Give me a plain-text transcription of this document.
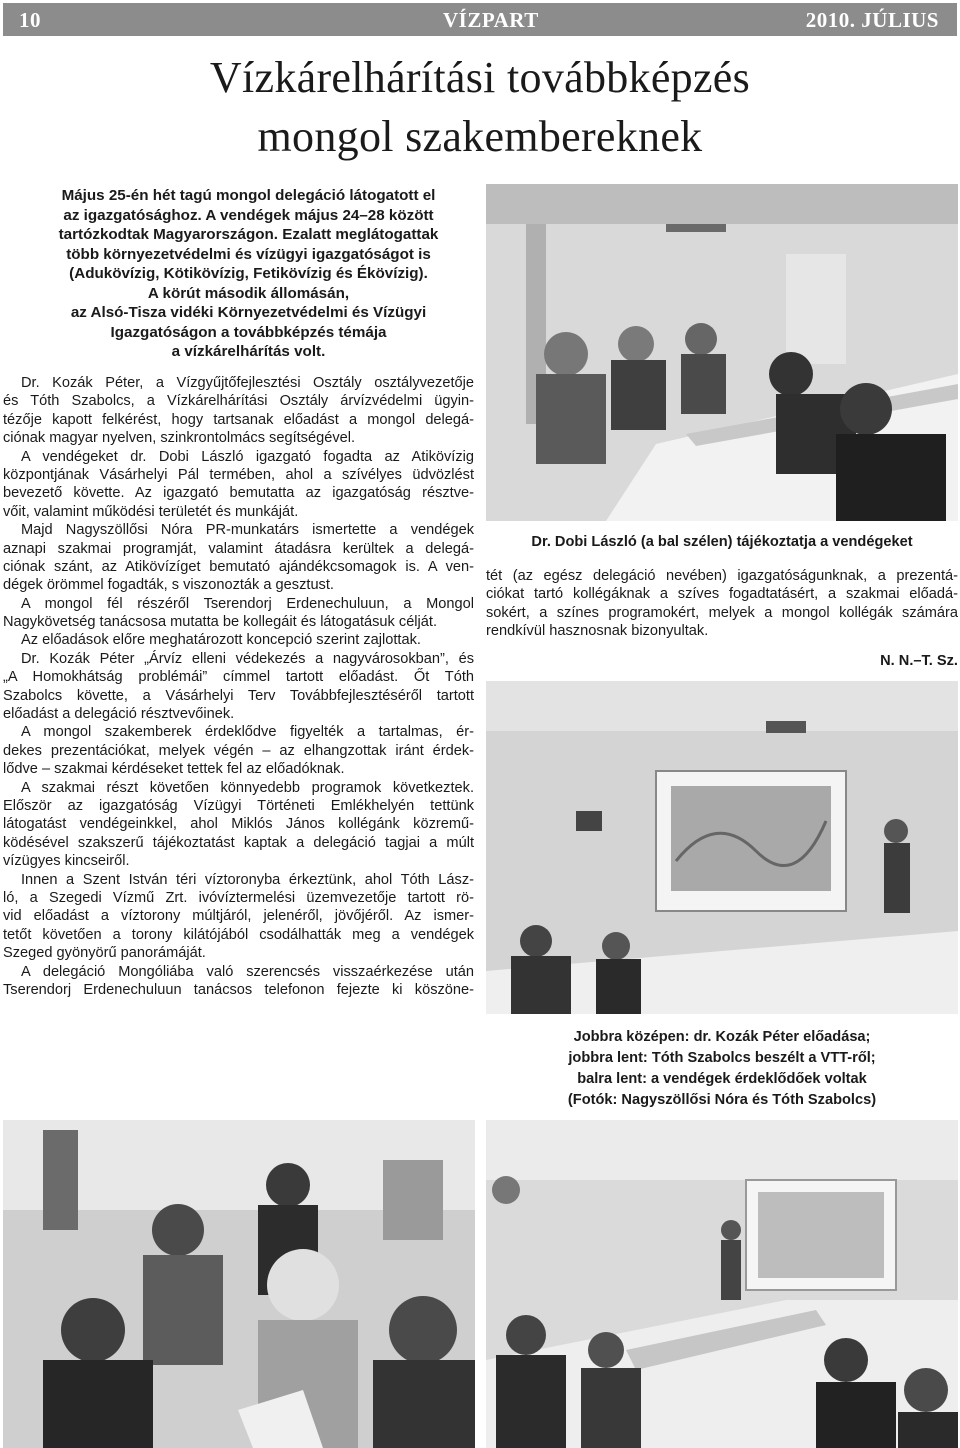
10	VÍZPART	2010. JÚLIUS
Vízkárelhárítási továbbképzés
mongol szakembereknek
Május 25-én hét tagú mongol delegáció látogatott el
az igazgatósághoz. A vendégek május 24–28 között
tartózkodtak Magyarországon. Ezalatt meglátogattak
több környezetvédelmi és vízügyi igazgatóságot is
(Adukövízig, Kötikövízig, Fetikövízig és Ékövízig).
A körút második állomásán,
az Alsó-Tisza vidéki Környezetvédelmi és Vízügyi
Igazgatóságon a továbbképzés témája
a vízkárelhárítás volt.
Dr. Kozák Péter, a Vízgyűjtőfejlesztési Osztály osztályvezetője
és Tóth Szabolcs, a Vízkárelhárítási Osztály árvízvédelmi ügyin-
tézője kapott felkérést, hogy tartsanak előadást a mongol delegá-
ciónak magyar nyelven, szinkrontolmács segítségével.
A vendégeket dr. Dobi László igazgató fogadta az Atikövízig
központjának Vásárhelyi Pál termében, ahol a szívélyes üdvözlést
bevezető követte. Az igazgató bemutatta az igazgatóság résztve-
vőit, valamint működési területét és munkáját.
Majd Nagyszöllősi Nóra PR-munkatárs ismertette a vendégek
aznapi szakmai programját, valamint átadásra kerültek a delegá-
ciónak szánt, az Atikövízíget bemutató ajándékcsomagok is. A ven-
dégek örömmel fogadták, s viszonozták a gesztust.
A mongol fél részéről Tserendorj Erdenechuluun, a Mongol
Nagykövetség tanácsosa mutatta be kollegáit és látogatásuk célját.
Az előadások előre meghatározott koncepció szerint zajlottak.
Dr. Kozák Péter „Árvíz elleni védekezés a nagyvárosokban”, és
„A Homokhátság problémái” címmel tartott előadást. Őt Tóth
Szabolcs követte, a Vásárhelyi Terv Továbbfejlesztéséről tartott
előadást a delegáció résztvevőinek.
A mongol szakemberek érdeklődve figyelték a tartalmas, ér-
dekes prezentációkat, melyek végén – az elhangzottak iránt érdek-
lődve – szakmai kérdéseket tettek fel az előadóknak.
A szakmai részt követően könnyedebb programok következtek.
Először az igazgatóság Vízügyi Történeti Emlékhelyén tettünk
látogatást vendégeinkkel, ahol Miklós János kollégánk közremű-
ködésével szakszerű tájékoztatást kaptak a delegáció tagjai a múlt
vízügyes kincseiről.
Innen a Szent István téri víztoronyba érkeztünk, ahol Tóth Lász-
ló, a Szegedi Vízmű Zrt. ivóvíztermelési üzemvezetője tartott rö-
vid előadást a víztorony múltjáról, jelenéről, jövőjéről. Az ismer-
tetőt követően a torony kilátójából csodálhatták meg a vendégek
Szeged gyönyörű panorámáját.
A delegáció Mongóliába való szerencsés visszaérkezése után
Tserendorj Erdenechuluun tanácsos telefonon fejezte ki köszöne-
Dr. Dobi László (a bal szélen) tájékoztatja a vendégeket
tét (az egész delegáció nevében) igazgatóságunknak, a prezentá-
ciókat tartó kollégáknak a szíves fogadtatásért, a szakmai előadá-
sokért, a színes programokért, melyek a mongol kollégák számára
rendkívül hasznosnak bizonyultak.
N. N.–T. Sz.
Jobbra középen: dr. Kozák Péter előadása;
jobbra lent: Tóth Szabolcs beszélt a VTT-ről;
balra lent: a vendégek érdeklődőek voltak
(Fotók: Nagyszöllősi Nóra és Tóth Szabolcs)
